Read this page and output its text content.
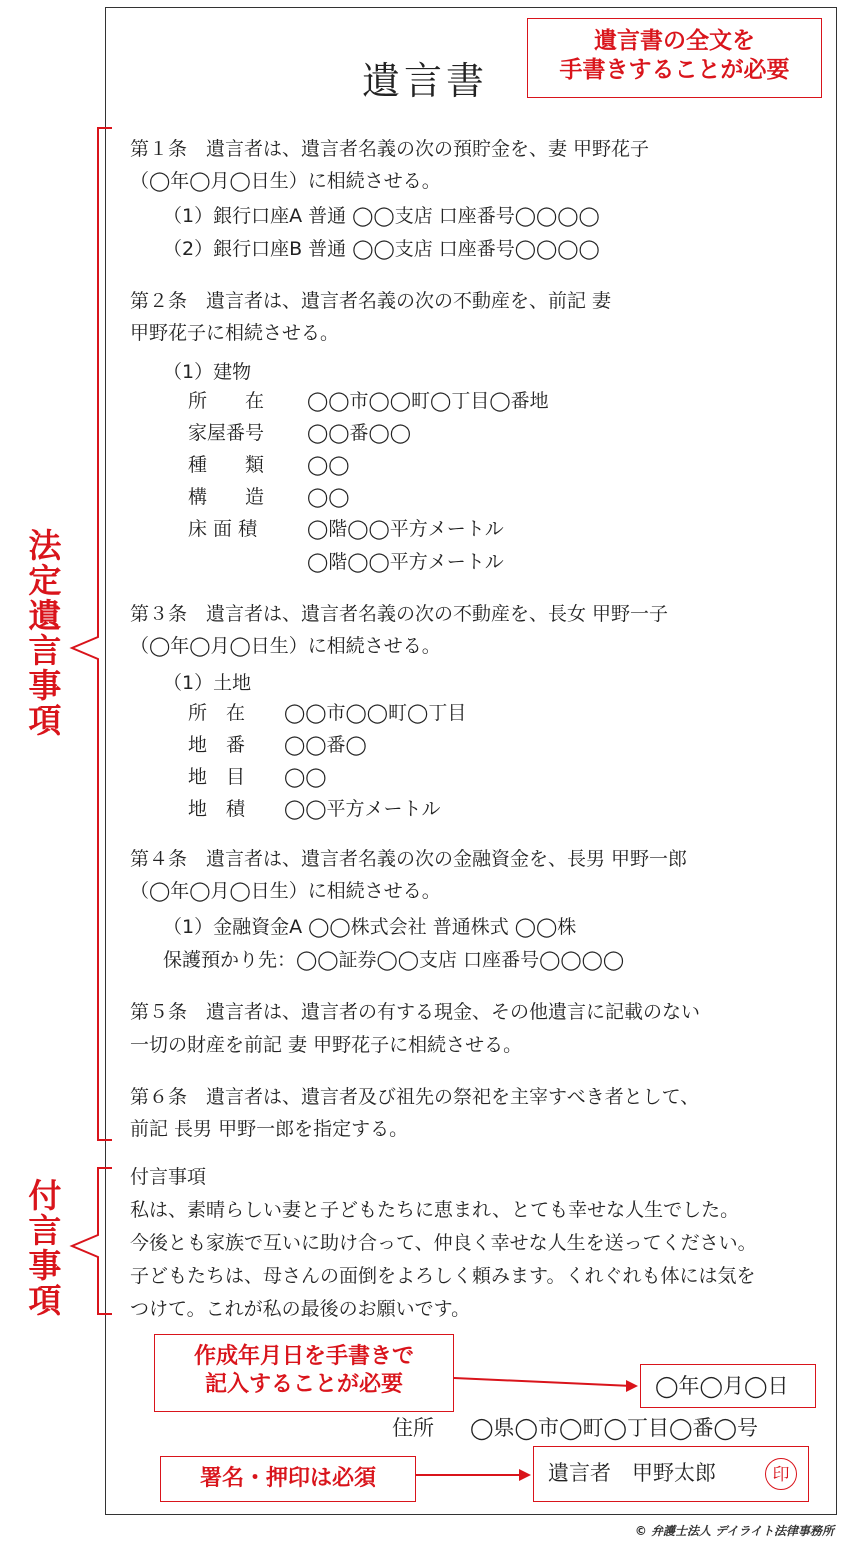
遺言書
遺言書の全文を
手書きすることが必要
第１条　遺言者は、遺言者名義の次の預貯金を、妻 甲野花子
（◯年◯月◯日生）に相続させる。
（1）銀行口座A 普通 ◯◯支店 口座番号◯◯◯◯
（2）銀行口座B 普通 ◯◯支店 口座番号◯◯◯◯
第２条　遺言者は、遺言者名義の次の不動産を、前記 妻
甲野花子に相続させる。
（1）建物
所　　在 ◯◯市◯◯町◯丁目◯番地
家屋番号 ◯◯番◯◯
種　　類 ◯◯
構　　造 ◯◯
床 面 積	◯階◯◯平方メートル
◯階◯◯平方メートル
第３条　遺言者は、遺言者名義の次の不動産を、長女 甲野一子
（◯年◯月◯日生）に相続させる。
（1）土地
所　在 ◯◯市◯◯町◯丁目
地　番 ◯◯番◯
地　目 ◯◯
地　積 ◯◯平方メートル
第４条　遺言者は、遺言者名義の次の金融資金を、長男 甲野一郎
（◯年◯月◯日生）に相続させる。
（1）金融資金A ◯◯株式会社 普通株式 ◯◯株
保護預かり先：◯◯証券◯◯支店 口座番号◯◯◯◯
第５条　遺言者は、遺言者の有する現金、その他遺言に記載のない
一切の財産を前記 妻 甲野花子に相続させる。
第６条　遺言者は、遺言者及び祖先の祭祀を主宰すべき者として、
前記 長男 甲野一郎を指定する。
付言事項
私は、素晴らしい妻と子どもたちに恵まれ、とても幸せな人生でした。
今後とも家族で互いに助け合って、仲良く幸せな人生を送ってください。
子どもたちは、母さんの面倒をよろしく頼みます。くれぐれも体には気を
つけて。これが私の最後のお願いです。
法定遺言事項
付言事項
作成年月日を手書きで
記入することが必要	◯年◯月◯日
住所 ◯県◯市◯町◯丁目◯番◯号
署名・押印は必須	遺言者　甲野太郎	印
© 弁護士法人 デイライト法律事務所
